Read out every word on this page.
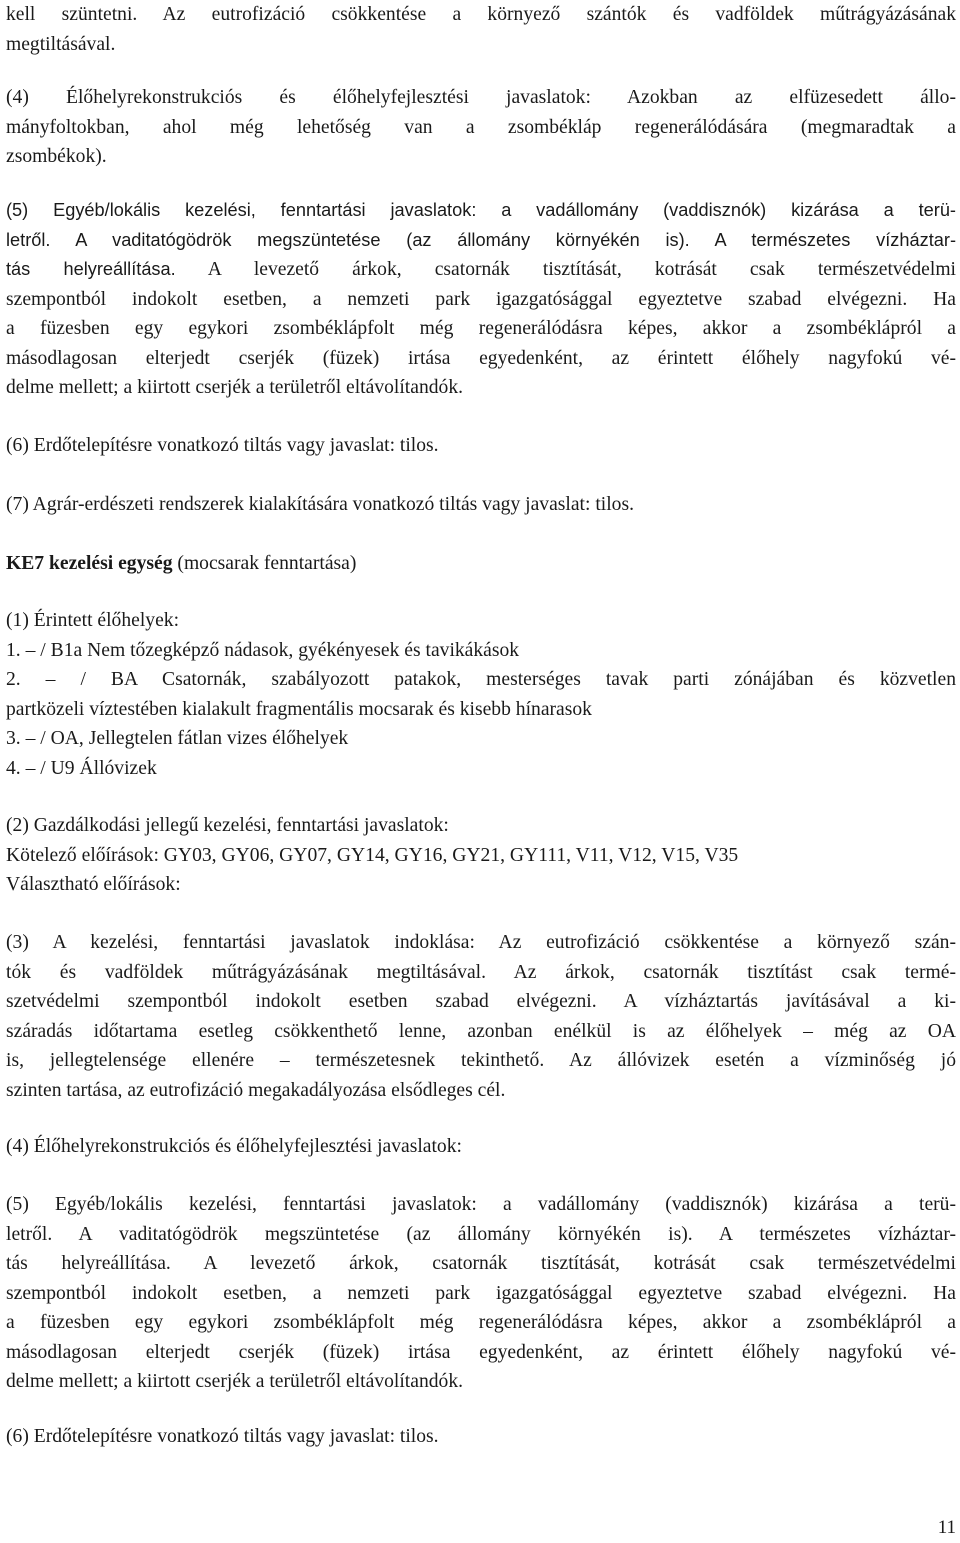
kell szüntetni. Az eutrofizáció csökkentése a környező szántók és vadföldek műtrágyázásának
megtiltásával.

(4) Élőhelyrekonstrukciós és élőhelyfejlesztési javaslatok: Azokban az elfüzesedett állo-
mányfoltokban, ahol még lehetőség van a zsombékláp regenerálódására (megmaradtak a
zsombékok).

(5) Egyéb/lokális kezelési, fenntartási javaslatok: a vadállomány (vaddisznók) kizárása a terü-
letről. A vaditatógödrök megszüntetése (az állomány környékén is). A természetes vízháztar-
tás helyreállítása. A levezető árkok, csatornák tisztítását, kotrását csak természetvédelmi
szempontból indokolt esetben, a nemzeti park igazgatósággal egyeztetve szabad elvégezni. Ha
a füzesben egy egykori zsombéklápfolt még regenerálódásra képes, akkor a zsombéklápról a
másodlagosan elterjedt cserjék (füzek) irtása egyedenként, az érintett élőhely nagyfokú vé-
delme mellett; a kiirtott cserjék a területről eltávolítandók.

(6) Erdőtelepítésre vonatkozó tiltás vagy javaslat: tilos.

(7) Agrár-erdészeti rendszerek kialakítására vonatkozó tiltás vagy javaslat: tilos.

KE7 kezelési egység (mocsarak fenntartása)

(1) Érintett élőhelyek:
1. – / B1a Nem tőzegképző nádasok, gyékényesek és tavikákások
2. – / BA Csatornák, szabályozott patakok, mesterséges tavak parti zónájában és közvetlen
partközeli víztestében kialakult fragmentális mocsarak és kisebb hínarasok
3. – / OA, Jellegtelen fátlan vizes élőhelyek
4. – / U9 Állóvizek

(2) Gazdálkodási jellegű kezelési, fenntartási javaslatok:
Kötelező előírások: GY03, GY06, GY07, GY14, GY16, GY21, GY111, V11, V12, V15, V35
Választható előírások:

(3) A kezelési, fenntartási javaslatok indoklása: Az eutrofizáció csökkentése a környező szán-
tók és vadföldek műtrágyázásának megtiltásával. Az árkok, csatornák tisztítást csak termé-
szetvédelmi szempontból indokolt esetben szabad elvégezni. A vízháztartás javításával a ki-
száradás időtartama esetleg csökkenthető lenne, azonban enélkül is az élőhelyek – még az OA
is, jellegtelensége ellenére – természetesnek tekinthető. Az állóvizek esetén a vízminőség jó
szinten tartása, az eutrofizáció megakadályozása elsődleges cél.

(4) Élőhelyrekonstrukciós és élőhelyfejlesztési javaslatok:

(5) Egyéb/lokális kezelési, fenntartási javaslatok: a vadállomány (vaddisznók) kizárása a terü-
letről. A vaditatógödrök megszüntetése (az állomány környékén is). A természetes vízháztar-
tás helyreállítása. A levezető árkok, csatornák tisztítását, kotrását csak természetvédelmi
szempontból indokolt esetben, a nemzeti park igazgatósággal egyeztetve szabad elvégezni. Ha
a füzesben egy egykori zsombéklápfolt még regenerálódásra képes, akkor a zsombéklápról a
másodlagosan elterjedt cserjék (füzek) irtása egyedenként, az érintett élőhely nagyfokú vé-
delme mellett; a kiirtott cserjék a területről eltávolítandók.

(6) Erdőtelepítésre vonatkozó tiltás vagy javaslat: tilos.

11
